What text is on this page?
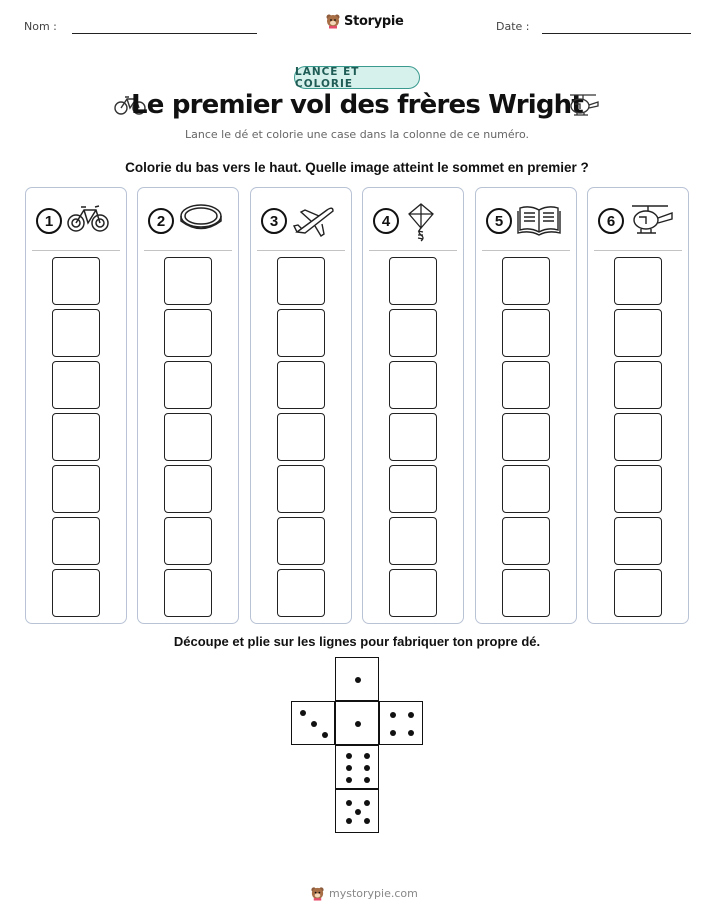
Nom :	Storypie	Date :
LANCE ET COLORIE
Le premier vol des frères Wright
Lance le dé et colorie une case dans la colonne de ce numéro.
Colorie du bas vers le haut. Quelle image atteint le sommet en premier ?
1	2	3	4	5	6
Découpe et plie sur les lignes pour fabriquer ton propre dé.
mystorypie.com
